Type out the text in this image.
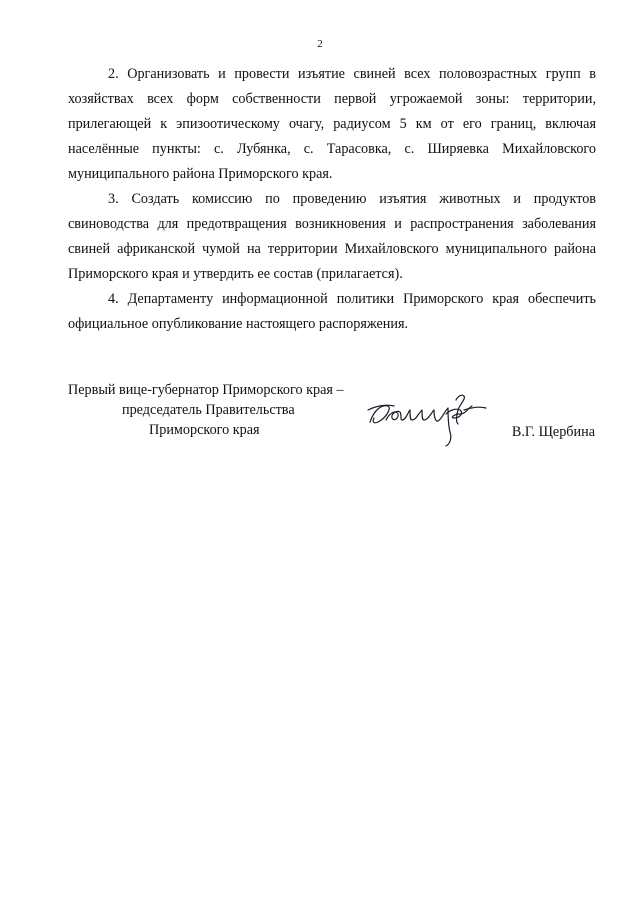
2

2. Организовать и провести изъятие свиней всех половозрастных групп в хозяйствах всех форм собственности первой угрожаемой зоны: территории, прилегающей к эпизоотическому очагу, радиусом 5 км от его границ, включая населённые пункты: с. Лубянка, с. Тарасовка, с. Ширяевка Михайловского муниципального района Приморского края.

3. Создать комиссию по проведению изъятия животных и продуктов свиноводства для предотвращения возникновения и распространения заболевания свиней африканской чумой на территории Михайловского муниципального района Приморского края и утвердить ее состав (прилагается).

4. Департаменту информационной политики Приморского края обеспечить официальное опубликование настоящего распоряжения.

Первый вице-губернатор Приморского края –
председатель Правительства
Приморского края	В.Г. Щербина
